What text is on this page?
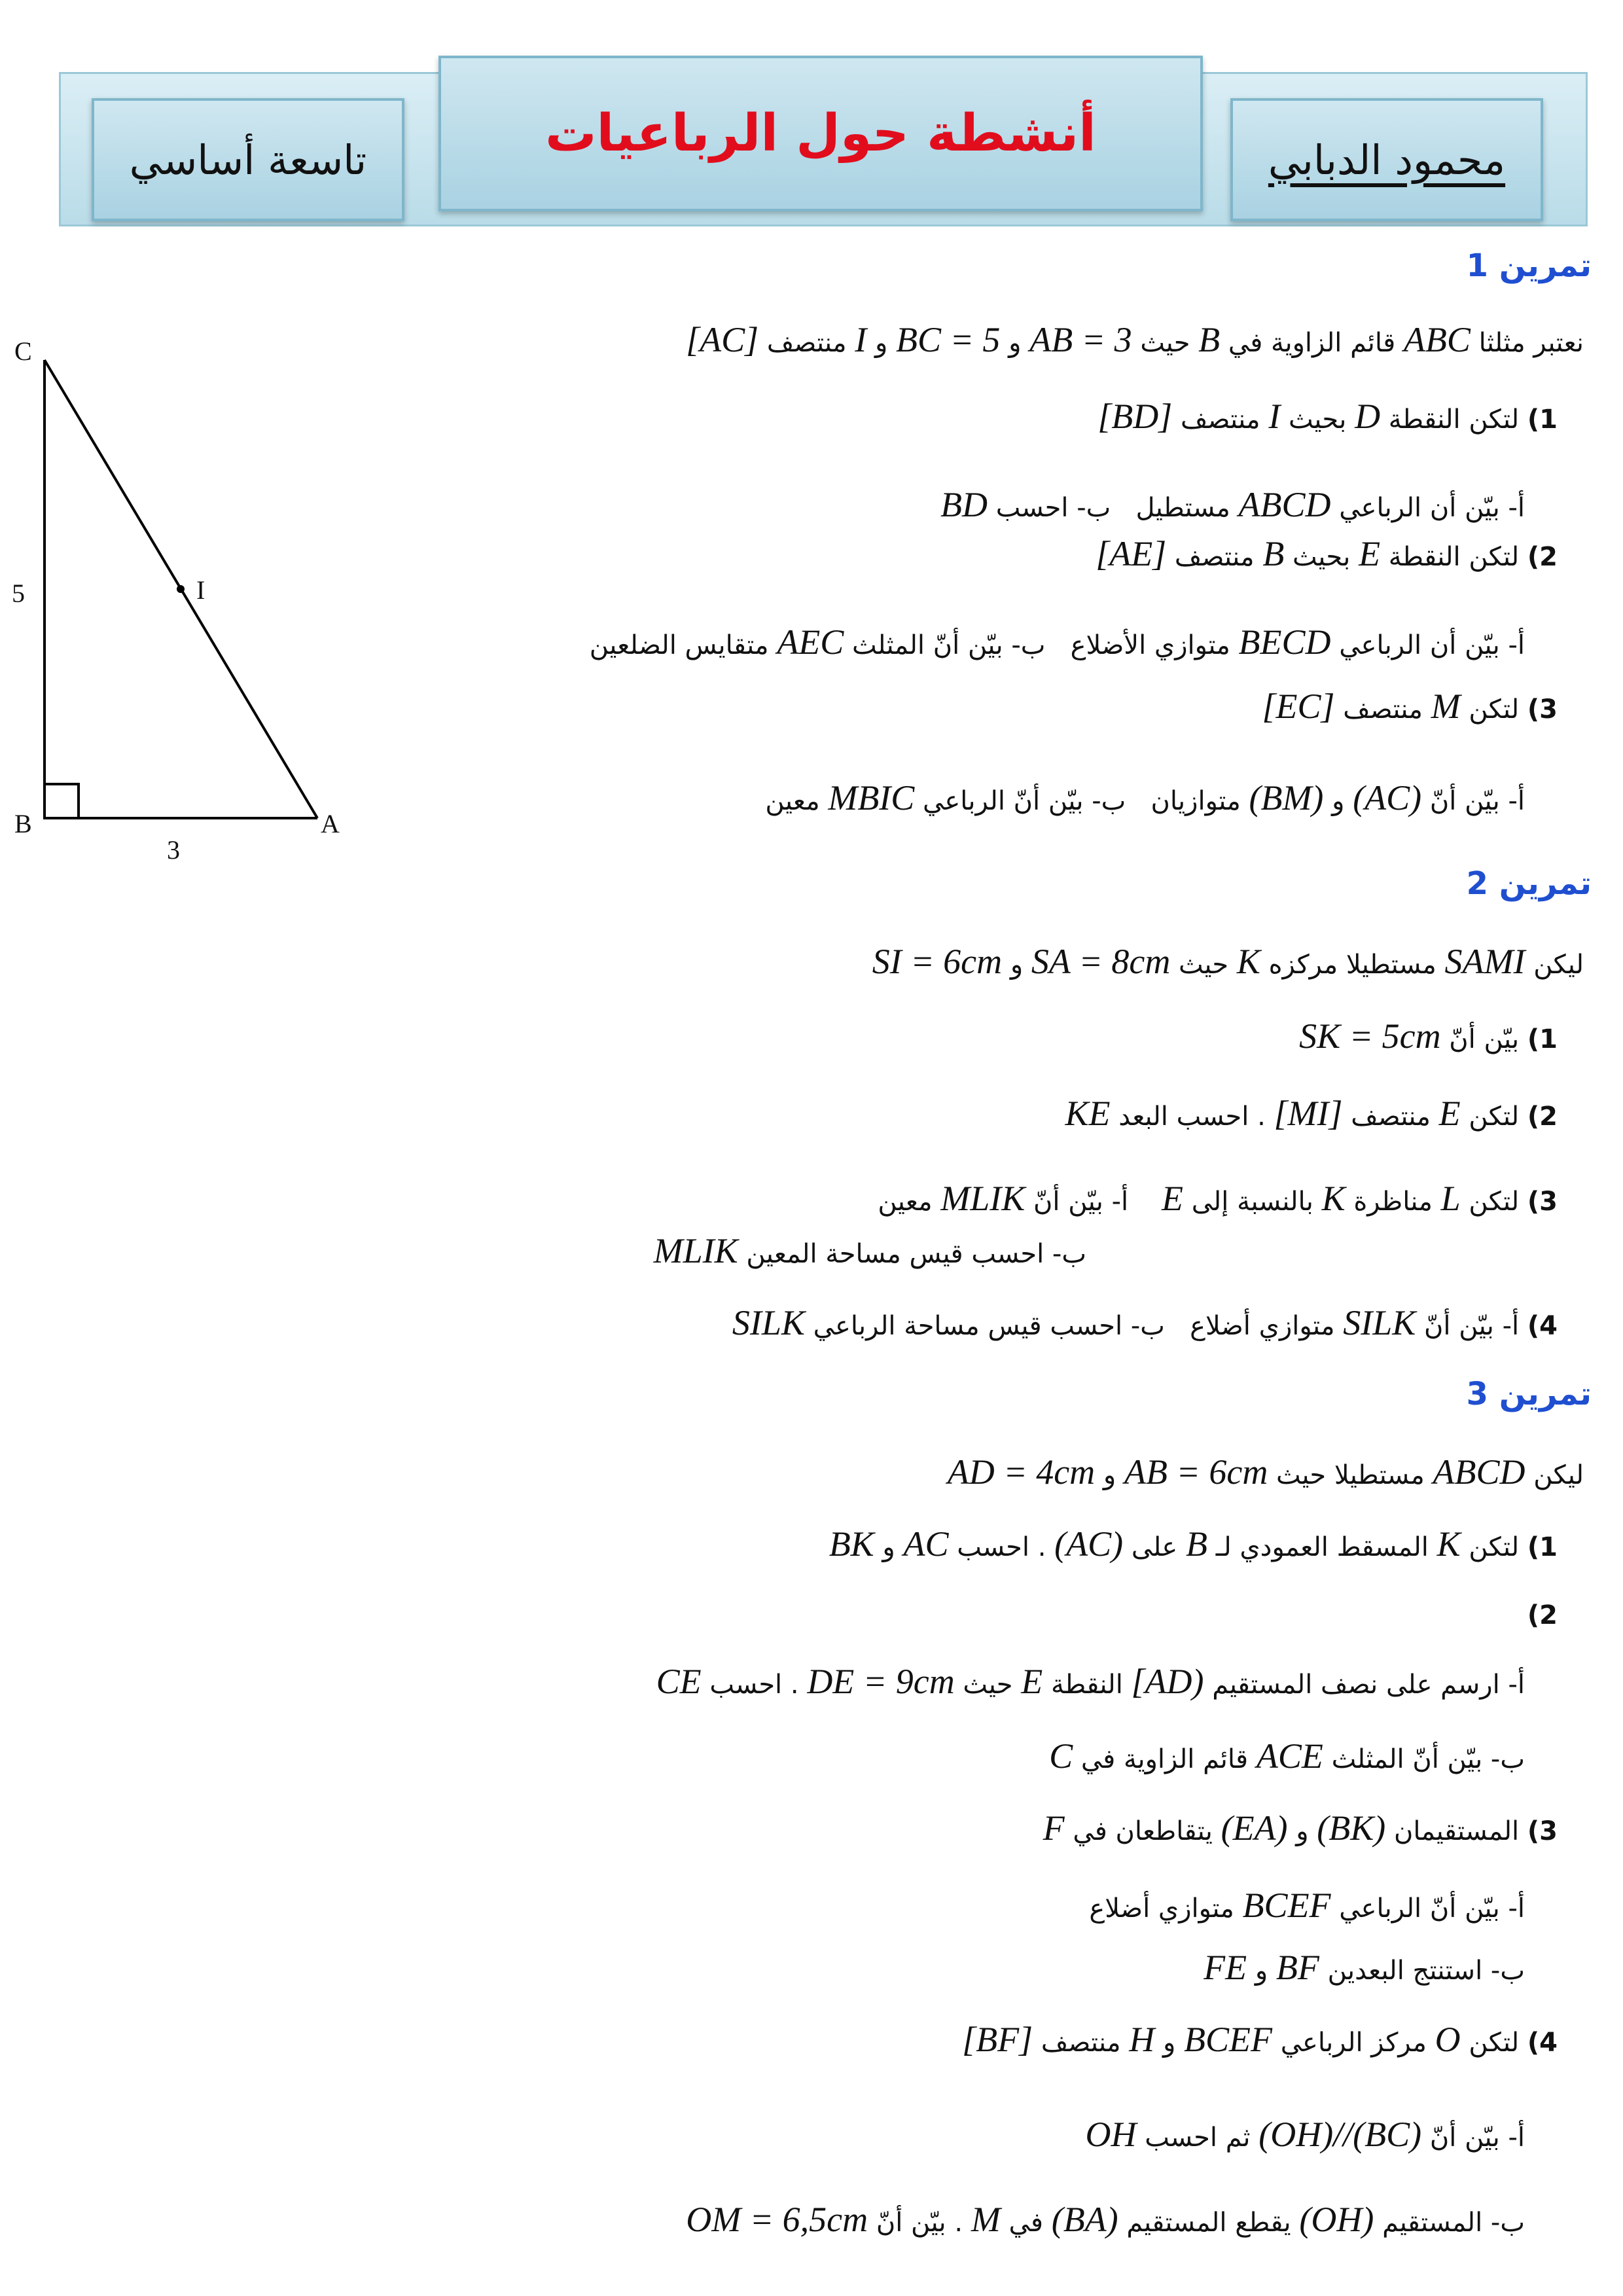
تاسعة أساسي	أنشطة حول الرباعيات	محمود الدبابي
C
B	A
I
5
3
تمرين 1
نعتبر مثلثا ABC قائم الزاوية في B حيث AB = 3 و BC = 5 و I منتصف [AC]
1) لتكن النقطة D بحيث I منتصف [BD]
أ- بيّن أن الرباعي ABCD مستطيل   ب- احسب BD
2) لتكن النقطة E بحيث B منتصف [AE]
أ- بيّن أن الرباعي BECD متوازي الأضلاع   ب- بيّن أنّ المثلث AEC متقايس الضلعين
3) لتكن M منتصف [EC]
أ- بيّن أنّ (AC) و (BM) متوازيان   ب- بيّن أنّ الرباعي MBIC معين
تمرين 2
ليكن SAMI مستطيلا مركزه K حيث SA = 8cm و SI = 6cm
1) بيّن أنّ SK = 5cm
2) لتكن E منتصف [MI] . احسب البعد KE
3) لتكن L مناظرة K بالنسبة إلى E    أ- بيّن أنّ MLIK معين
ب- احسب قيس مساحة المعين MLIK
4) أ- بيّن أنّ SILK متوازي أضلاع   ب- احسب قيس مساحة الرباعي SILK
تمرين 3
ليكن ABCD مستطيلا حيث AB = 6cm و AD = 4cm
1) لتكن K المسقط العمودي لـ B على (AC) . احسب AC و BK
2)
أ- ارسم على نصف المستقيم [AD) النقطة E حيث DE = 9cm . احسب CE
ب- بيّن أنّ المثلث ACE قائم الزاوية في C
3) المستقيمان (BK) و (EA) يتقاطعان في F
أ- بيّن أنّ الرباعي BCEF متوازي أضلاع
ب- استنتج البعدين BF و FE
4) لتكن O مركز الرباعي BCEF و H منتصف [BF]
أ- بيّن أنّ (OH)//(BC) ثم احسب OH
ب- المستقيم (OH) يقطع المستقيم (BA) في M . بيّن أنّ OM = 6,5cm
